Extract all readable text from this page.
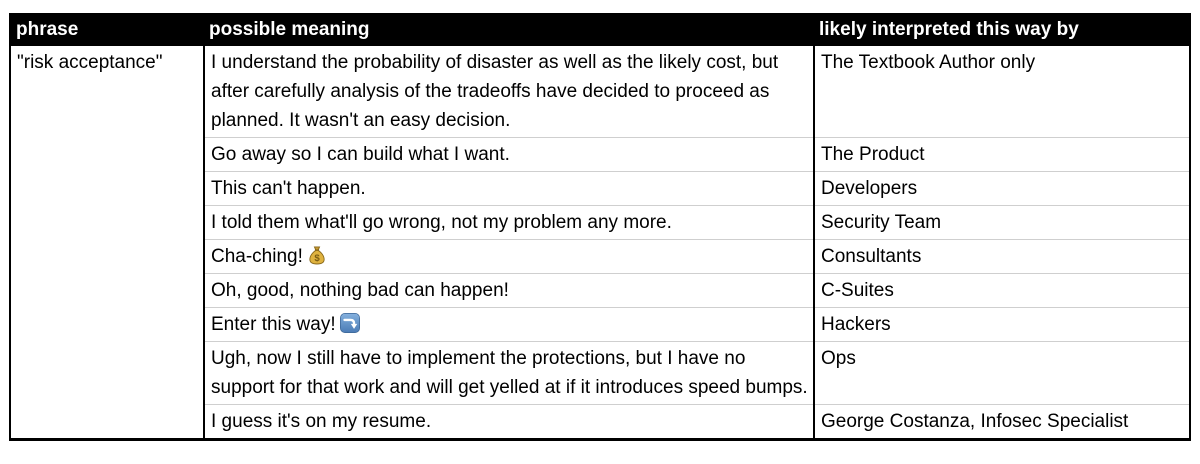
phrase	possible meaning	likely interpreted this way by
"risk acceptance"	I understand the probability of disaster as well as the likely cost, but after carefully analysis of the tradeoffs have decided to proceed as planned. It wasn't an easy decision.	The Textbook Author only
	Go away so I can build what I want.	The Product
	This can't happen.	Developers
	I told them what'll go wrong, not my problem any more.	Security Team
	Cha-ching! $	Consultants
	Oh, good, nothing bad can happen!	C-Suites
	Enter this way!	Hackers
	Ugh, now I still have to implement the protections, but I have no support for that work and will get yelled at if it introduces speed bumps.	Ops
	I guess it's on my resume.	George Costanza, Infosec Specialist
